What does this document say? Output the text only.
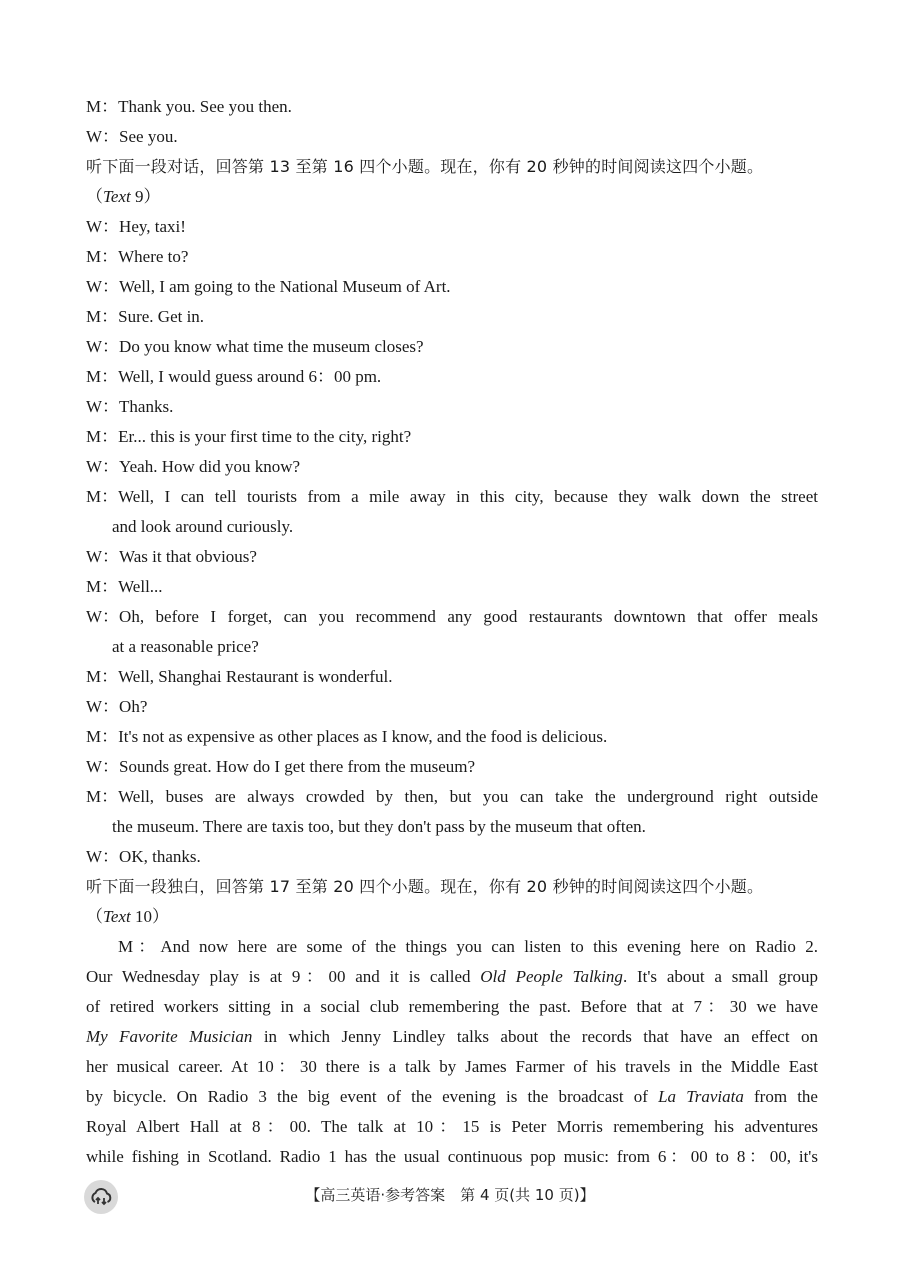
M： Thank you. See you then.
W： See you.
听下面一段对话，回答第 13 至第 16 四个小题。现在，你有 20 秒钟的时间阅读这四个小题。
（Text 9）
W： Hey, taxi!
M： Where to?
W： Well, I am going to the National Museum of Art.
M： Sure. Get in.
W： Do you know what time the museum closes?
M： Well, I would guess around 6：00 pm.
W： Thanks.
M： Er... this is your first time to the city, right?
W： Yeah. How did you know?
M： Well, I can tell tourists from a mile away in this city, because they walk down the street
and look around curiously.
W： Was it that obvious?
M： Well...
W： Oh, before I forget, can you recommend any good restaurants downtown that offer meals
at a reasonable price?
M： Well, Shanghai Restaurant is wonderful.
W： Oh?
M： It's not as expensive as other places as I know, and the food is delicious.
W： Sounds great. How do I get there from the museum?
M： Well, buses are always crowded by then, but you can take the underground right outside
the museum. There are taxis too, but they don't pass by the museum that often.
W： OK, thanks.
听下面一段独白，回答第 17 至第 20 四个小题。现在，你有 20 秒钟的时间阅读这四个小题。
（Text 10）
M：And now here are some of the things you can listen to this evening here on Radio 2.
Our Wednesday play is at 9：00 and it is called Old People Talking. It's about a small group
of retired workers sitting in a social club remembering the past. Before that at 7：30 we have
My Favorite Musician in which Jenny Lindley talks about the records that have an effect on
her musical career. At 10：30 there is a talk by James Farmer of his travels in the Middle East
by bicycle. On Radio 3 the big event of the evening is the broadcast of La Traviata from the
Royal Albert Hall at 8：00. The talk at 10：15 is Peter Morris remembering his adventures
while fishing in Scotland. Radio 1 has the usual continuous pop music: from 6：00 to 8：00, it's
【高三英语·参考答案　第 4 页(共 10 页)】
